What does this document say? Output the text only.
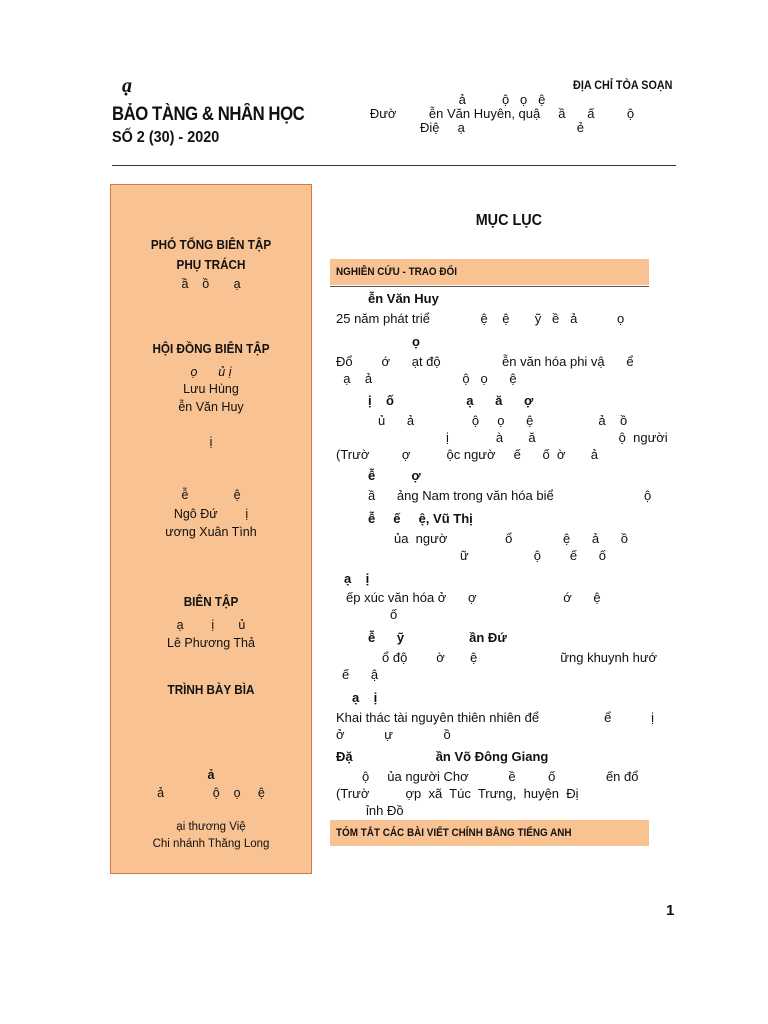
ạ
BẢO TÀNG & NHÂN HỌC
SỐ 2 (30) - 2020
ĐỊA CHỈ TÒA SOẠN
ả          ộ   ọ   ệ
Đườ         ễn Văn Huyên, quậ     ầ      ấ         ộ
Điệ     ạ                               ẻ
PHÓ TỔNG BIÊN TẬP
PHỤ TRÁCH
ầ    ồ       ạ
HỘI ĐỒNG BIÊN TẬP
ọ      ủ ị
Lưu Hùng
ễn Văn Huy
ị
ễ             ệ
Ngô Đứ        ị
ương Xuân Tình
BIÊN TẬP
ạ        ị       ủ
Lê Phương Thả
TRÌNH BÀY BÌA
ả
ả              ộ    ọ     ệ
ại thương Việ
Chi nhánh Thăng Long
MỤC LỤC
NGHIÊN CỨU - TRAO ĐỔI
ễn Văn Huy
25 năm phát triể              ệ    ệ       ỹ   ề   ả           ọ
ọ
Đổ        ớ      ạt độ                 ễn văn hóa phi vậ      ể
ạ    ả                         ộ   ọ      ệ
ị    ố                    ạ      ă      ợ
ủ      ả                ộ     ọ      ệ                  ả    ồ
ị             à       ă                       ộ  người
(Trườ         ợ          ộc ngườ     ế      ố  ờ       ả
ễ          ợ
ầ      ảng Nam trong văn hóa biể                         ộ
ễ     ế     ệ, Vũ Thị
ủa  ngườ                ổ              ệ      ả      ồ
ữ                  ộ        ế      ố
ạ    ị
ếp xúc văn hóa ở      ợ                        ớ      ệ
ố
ễ      ỹ                  ần Đứ
ổ độ        ờ       ệ                       ững khuynh hướ
ế      ậ
ạ    ị
Khai thác tài nguyên thiên nhiên để                  ể           ị
ở           ự              ồ
Đặ                       ần Võ Đông Giang
ộ     ủa người Chơ           ề         ố              ến đổ
(Trườ          ợp  xã  Túc  Trưng,  huyện  Đị
ỉnh Đồ
TÓM TẮT CÁC BÀI VIẾT CHÍNH BẰNG TIẾNG ANH
1
